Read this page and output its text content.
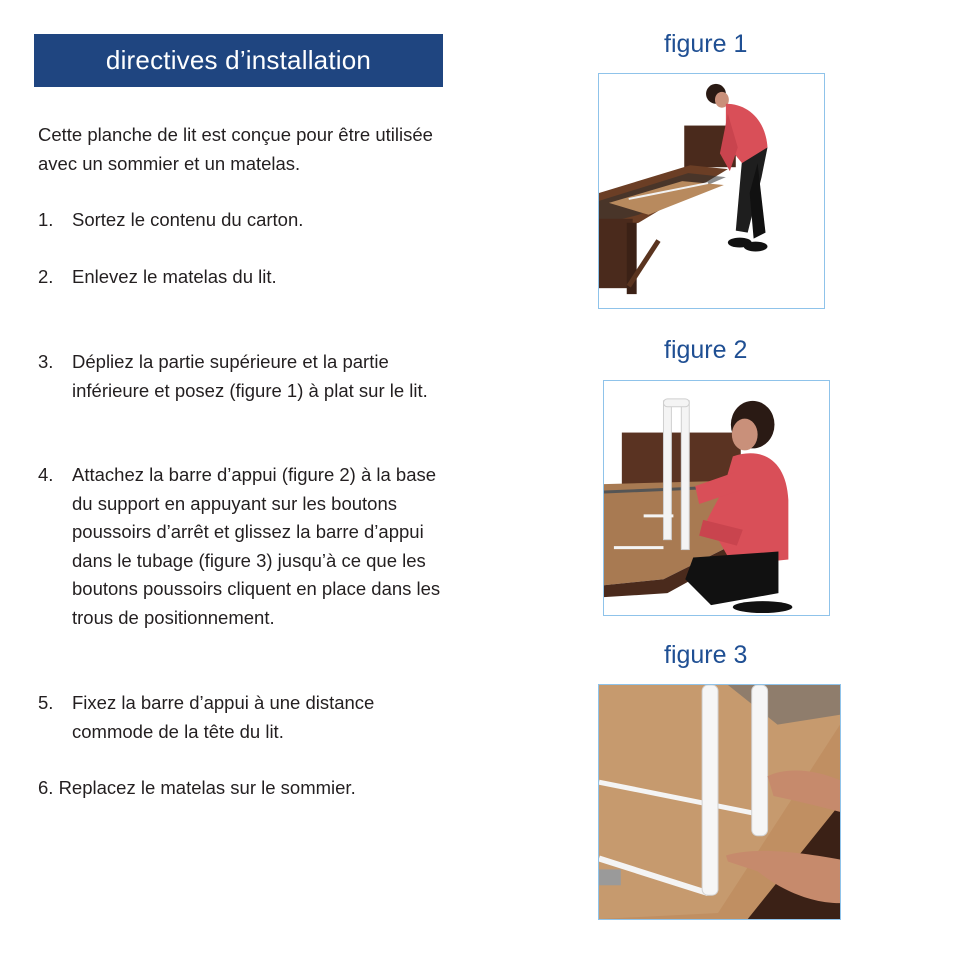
directives d’installation

Cette planche de lit est conçue pour être utilisée avec un sommier et un matelas.

1. Sortez le contenu du carton.
2. Enlevez le matelas du lit.
3. Dépliez la partie supérieure et la partie inférieure et posez (figure 1) à plat sur le lit.
4. Attachez la barre d’appui (figure 2) à la base du support en appuyant sur les boutons poussoirs d’arrêt et glissez la barre d’appui dans le tubage (figure 3) jusqu’à ce que les boutons poussoirs cliquent en place dans les trous de positionnement.
5. Fixez la barre d’appui à une distance commode de la tête du lit.
6. Replacez le matelas sur le sommier.
figure 1
figure 2
figure 3
